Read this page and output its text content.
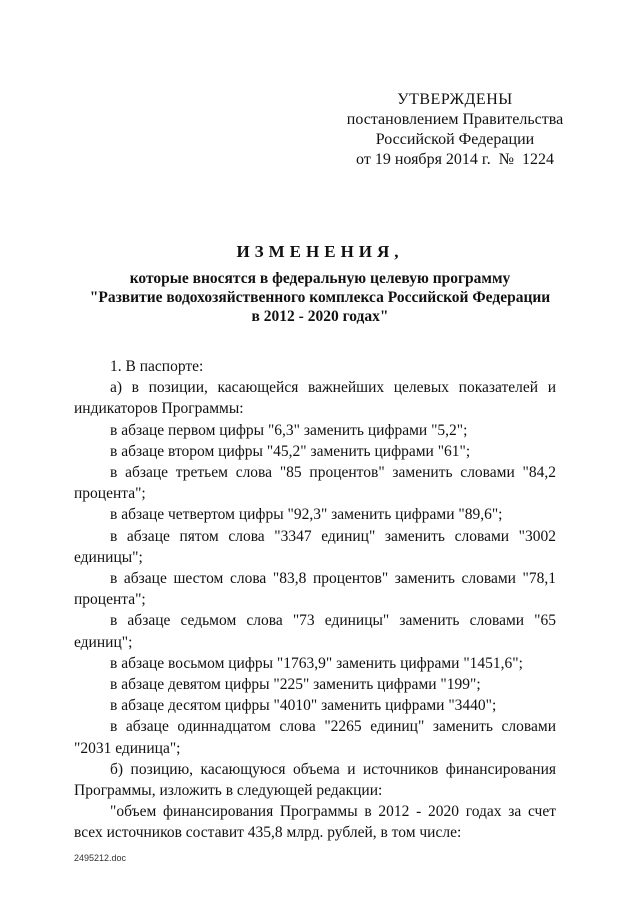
УТВЕРЖДЕНЫ
постановлением Правительства
Российской Федерации
от 19 ноября 2014 г.  №  1224
ИЗМЕНЕНИЯ,
которые вносятся в федеральную целевую программу
"Развитие водохозяйственного комплекса Российской Федерации
в 2012 - 2020 годах"

1. В паспорте:

а) в позиции, касающейся важнейших целевых показателей и индикаторов Программы:

в абзаце первом цифры "6,3" заменить цифрами "5,2";

в абзаце втором цифры "45,2" заменить цифрами "61";

в абзаце третьем слова "85 процентов" заменить словами "84,2 процента";

в абзаце четвертом цифры "92,3" заменить цифрами "89,6";

в абзаце пятом слова "3347 единиц" заменить словами "3002 единицы";

в абзаце шестом слова "83,8 процентов" заменить словами "78,1 процента";

в абзаце седьмом слова "73 единицы" заменить словами "65 единиц";

в абзаце восьмом цифры "1763,9" заменить цифрами "1451,6";

в абзаце девятом цифры "225" заменить цифрами "199";

в абзаце десятом цифры "4010" заменить цифрами "3440";

в абзаце одиннадцатом слова "2265 единиц" заменить словами "2031 единица";

б) позицию, касающуюся объема и источников финансирования Программы, изложить в следующей редакции:

"объем финансирования Программы в 2012 - 2020 годах за счет всех источников составит 435,8 млрд. рублей, в том числе:

2495212.doc
